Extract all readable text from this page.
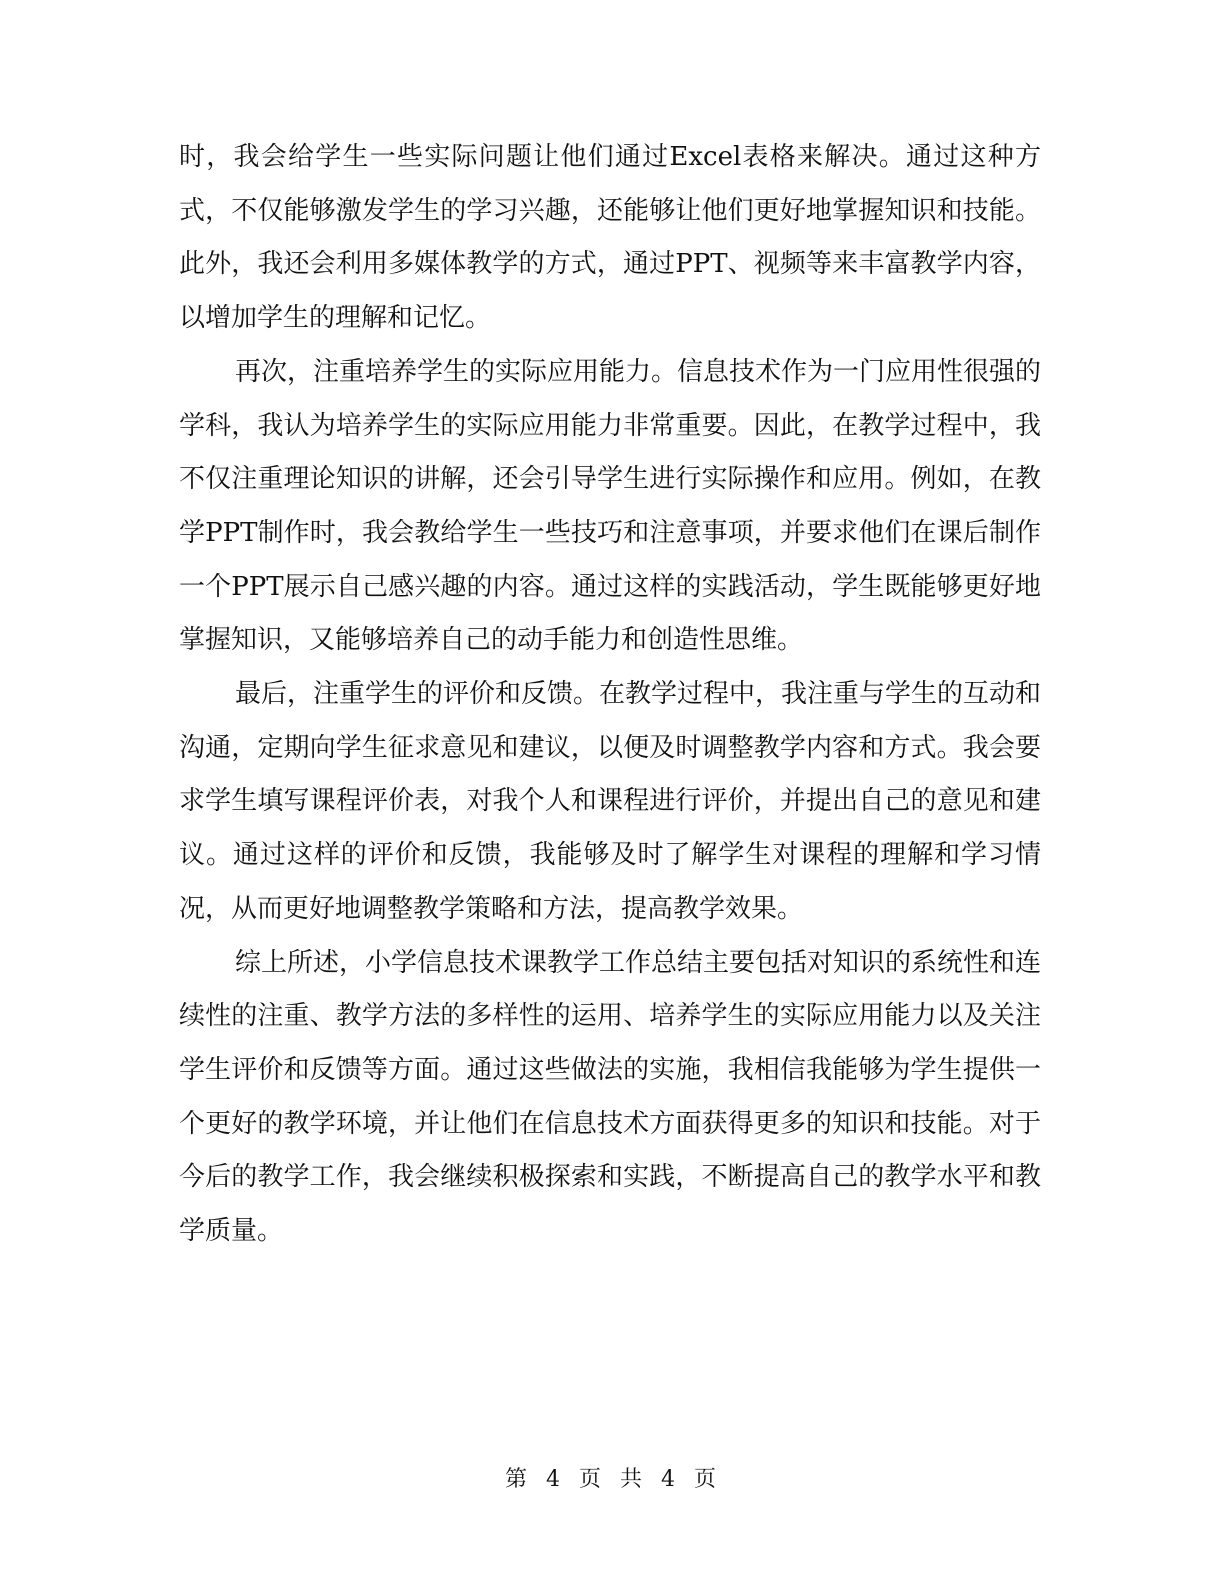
时，我会给学生一些实际问题让他们通过Excel表格来解决。通过这种方式，不仅能够激发学生的学习兴趣，还能够让他们更好地掌握知识和技能。此外，我还会利用多媒体教学的方式，通过PPT、视频等来丰富教学内容，以增加学生的理解和记忆。

再次，注重培养学生的实际应用能力。信息技术作为一门应用性很强的学科，我认为培养学生的实际应用能力非常重要。因此，在教学过程中，我不仅注重理论知识的讲解，还会引导学生进行实际操作和应用。例如，在教学PPT制作时，我会教给学生一些技巧和注意事项，并要求他们在课后制作一个PPT展示自己感兴趣的内容。通过这样的实践活动，学生既能够更好地掌握知识，又能够培养自己的动手能力和创造性思维。

最后，注重学生的评价和反馈。在教学过程中，我注重与学生的互动和沟通，定期向学生征求意见和建议，以便及时调整教学内容和方式。我会要求学生填写课程评价表，对我个人和课程进行评价，并提出自己的意见和建议。通过这样的评价和反馈，我能够及时了解学生对课程的理解和学习情况，从而更好地调整教学策略和方法，提高教学效果。

综上所述，小学信息技术课教学工作总结主要包括对知识的系统性和连续性的注重、教学方法的多样性的运用、培养学生的实际应用能力以及关注学生评价和反馈等方面。通过这些做法的实施，我相信我能够为学生提供一个更好的教学环境，并让他们在信息技术方面获得更多的知识和技能。对于今后的教学工作，我会继续积极探索和实践，不断提高自己的教学水平和教学质量。

第 4 页 共 4 页
